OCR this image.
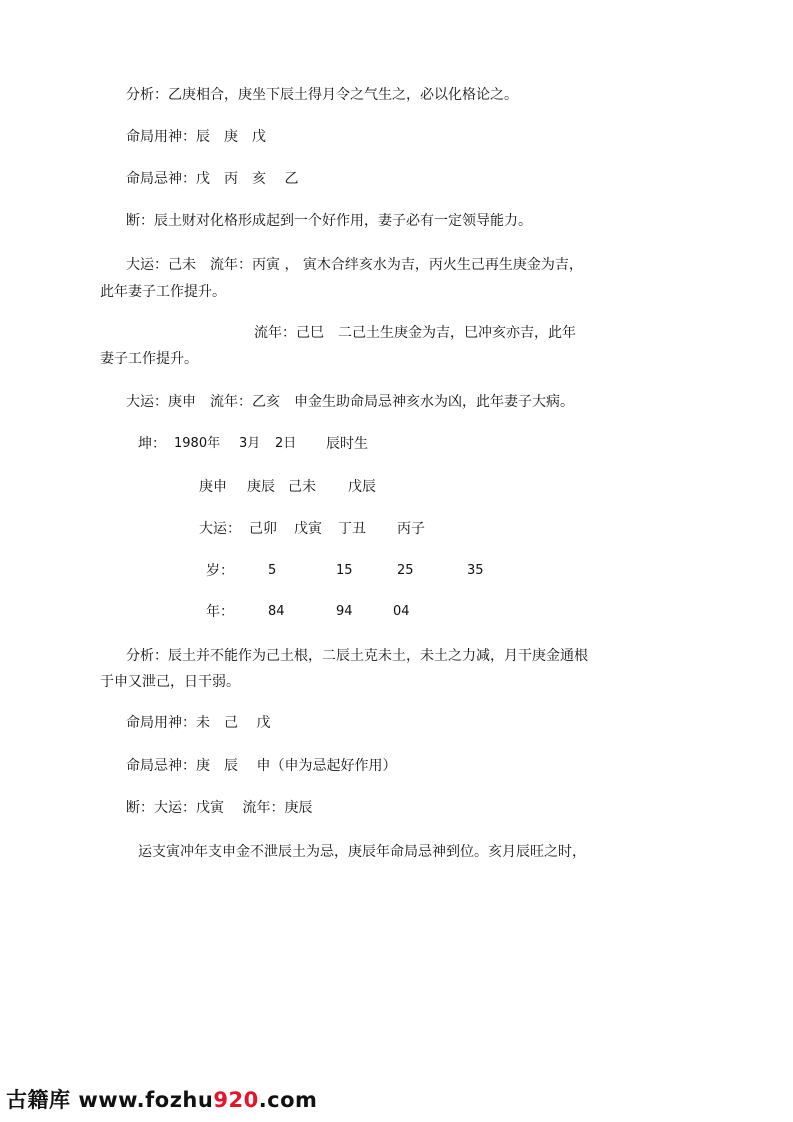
分析：乙庚相合，庚坐下辰土得月令之气生之，必以化格论之。
命局用神：辰　庚　戊
命局忌神：戊　丙　亥　 乙
断：辰土财对化格形成起到一个好作用，妻子必有一定领导能力。
大运：己未　流年：丙寅 ， 寅木合绊亥水为吉，丙火生己再生庚金为吉，
此年妻子工作提升。
流年：己巳　二己土生庚金为吉，巳冲亥亦吉，此年
妻子工作提升。
大运：庚申　流年：乙亥　申金生助命局忌神亥水为凶，此年妻子大病。
坤： 1980年 3月 2日 辰时生
庚申 庚辰 己未 戊辰
大运： 己卯 戊寅 丁丑 丙子
岁：	5	15	25	35
年：	84	94	04
分析：辰土并不能作为己土根，二辰土克未土，未土之力减，月干庚金通根
于申又泄己，日干弱。
命局用神：未　己　 戊
命局忌神：庚　辰　 申（申为忌起好作用）
断：大运：戊寅　 流年：庚辰
运支寅冲年支申金不泄辰土为忌，庚辰年命局忌神到位。亥月辰旺之时，
古籍库 www.fozhu920.com
